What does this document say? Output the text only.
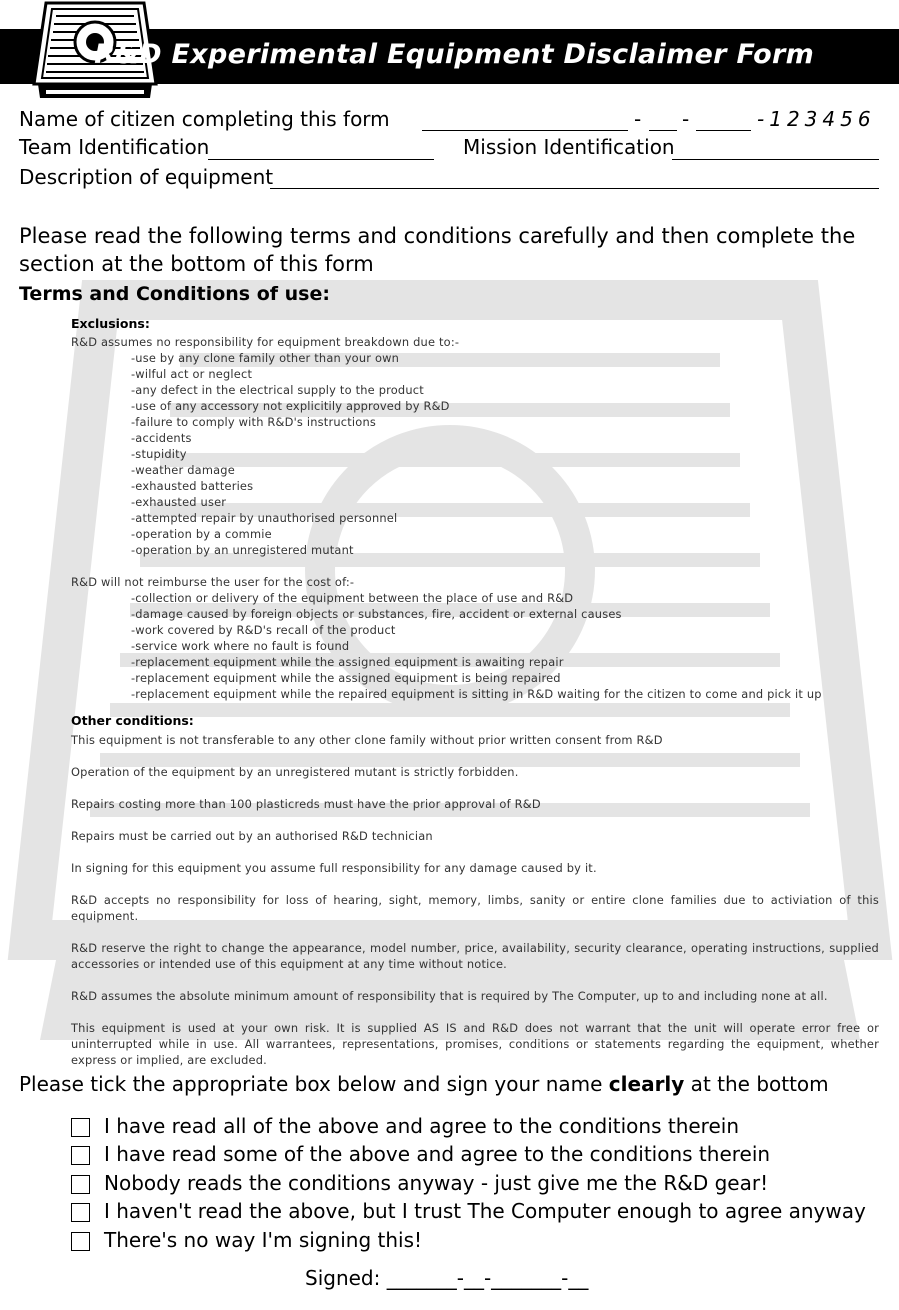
R&D Experimental Equipment Disclaimer Form
Name of citizen completing this form	- -	-123456
Team Identification	Mission Identification
Description of equipment
Please read the following terms and conditions carefully and then complete the section at the bottom of this form
Terms and Conditions of use:
Exclusions:
R&D assumes no responsibility for equipment breakdown due to:-
-use by any clone family other than your own
-wilful act or neglect
-any defect in the electrical supply to the product
-use of any accessory not explicitily approved by R&D
-failure to comply with R&D's instructions
-accidents
-stupidity
-weather damage
-exhausted batteries
-exhausted user
-attempted repair by unauthorised personnel
-operation by a commie
-operation by an unregistered mutant
R&D will not reimburse the user for the cost of:-
-collection or delivery of the equipment between the place of use and R&D
-damage caused by foreign objects or substances, fire, accident or external causes
-work covered by R&D's recall of the product
-service work where no fault is found
-replacement equipment while the assigned equipment is awaiting repair
-replacement equipment while the assigned equipment is being repaired
-replacement equipment while the repaired equipment is sitting in R&D waiting for the citizen to come and pick it up
Other conditions:
This equipment is not transferable to any other clone family without prior written consent from R&D
Operation of the equipment by an unregistered mutant is strictly forbidden.
Repairs costing more than 100 plasticreds must have the prior approval of R&D
Repairs must be carried out by an authorised R&D technician
In signing for this equipment you assume full responsibility for any damage caused by it.
R&D accepts no responsibility for loss of hearing, sight, memory, limbs, sanity or entire clone families due to activiation of this equipment.
R&D reserve the right to change the appearance, model number, price, availability, security clearance, operating instructions, supplied accessories or intended use of this equipment at any time without notice.
R&D assumes the absolute minimum amount of responsibility that is required by The Computer, up to and including none at all.
This equipment is used at your own risk. It is supplied AS IS and R&D does not warrant that the unit will operate error free or uninterrupted while in use. All warrantees, representations, promises, conditions or statements regarding the equipment, whether express or implied, are excluded.
Please tick the appropriate box below and sign your name clearly at the bottom
I have read all of the above and agree to the conditions therein
I have read some of the above and agree to the conditions therein
Nobody reads the conditions anyway - just give me the R&D gear!
I haven't read the above, but I trust The Computer enough to agree anyway
There's no way I'm signing this!
Signed: _______-__-_______-__
